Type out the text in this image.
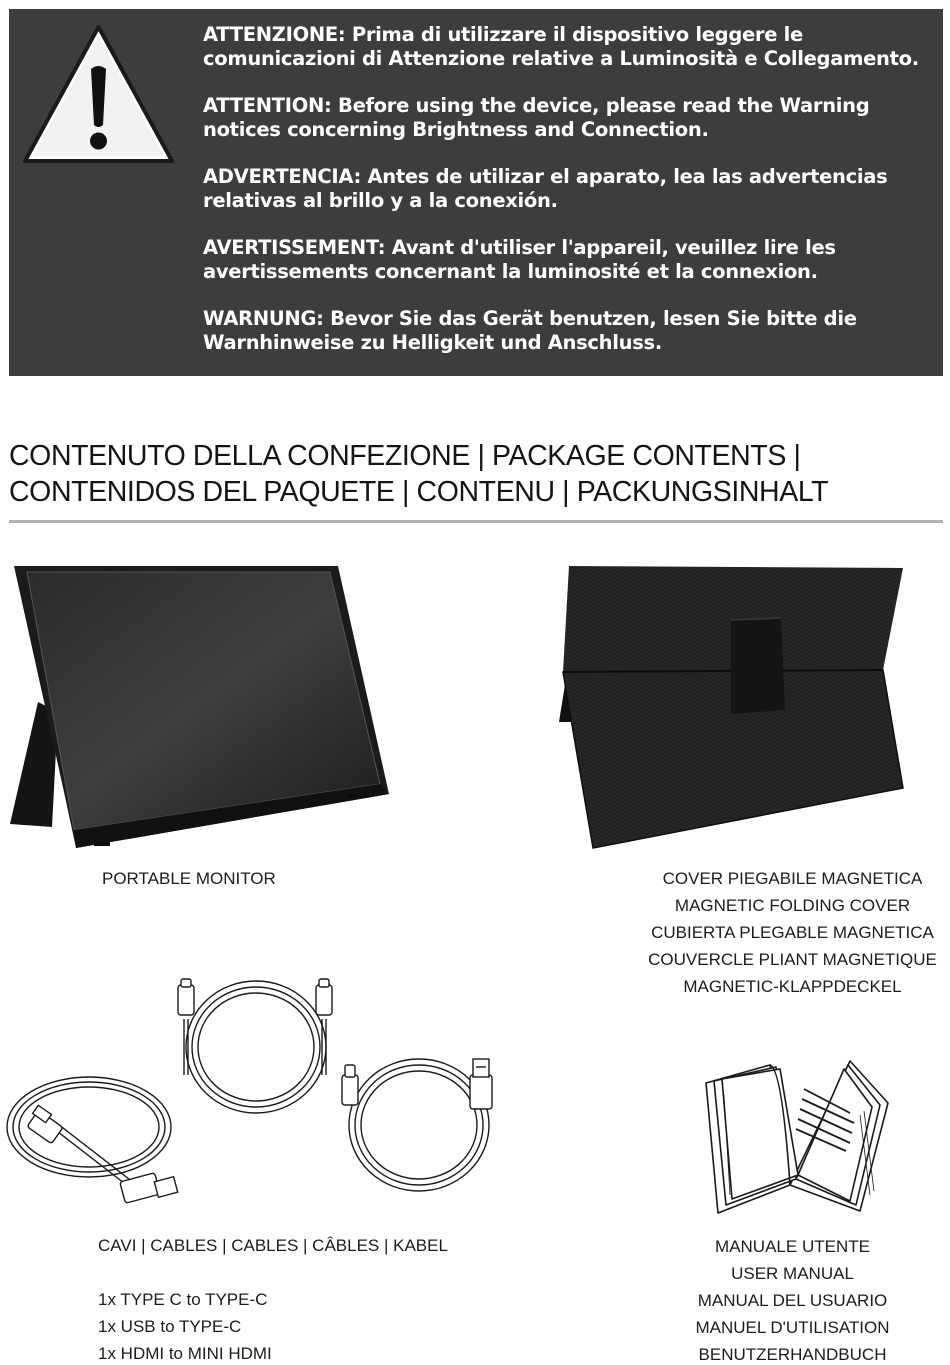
ATTENZIONE: Prima di utilizzare il dispositivo leggere le
comunicazioni di Attenzione relative a Luminosità e Collegamento.
ATTENTION: Before using the device, please read the Warning
notices concerning Brightness and Connection.
ADVERTENCIA: Antes de utilizar el aparato, lea las advertencias
relativas al brillo y a la conexión.
AVERTISSEMENT: Avant d'utiliser l'appareil, veuillez lire les
avertissements concernant la luminosité et la connexion.
WARNUNG: Bevor Sie das Gerät benutzen, lesen Sie bitte die
Warnhinweise zu Helligkeit und Anschluss.
CONTENUTO DELLA CONFEZIONE | PACKAGE CONTENTS |
CONTENIDOS DEL PAQUETE | CONTENU | PACKUNGSINHALT
PORTABLE MONITOR	COVER PIEGABILE MAGNETICA
MAGNETIC FOLDING COVER
CUBIERTA PLEGABLE MAGNETICA
COUVERCLE PLIANT MAGNETIQUE
MAGNETIC-KLAPPDECKEL
CAVI | CABLES | CABLES | CÂBLES | KABEL
1x TYPE C to TYPE-C
1x USB to TYPE-C
1x HDMI to MINI HDMI
MANUALE UTENTE
USER MANUAL
MANUAL DEL USUARIO
MANUEL D'UTILISATION
BENUTZERHANDBUCH
